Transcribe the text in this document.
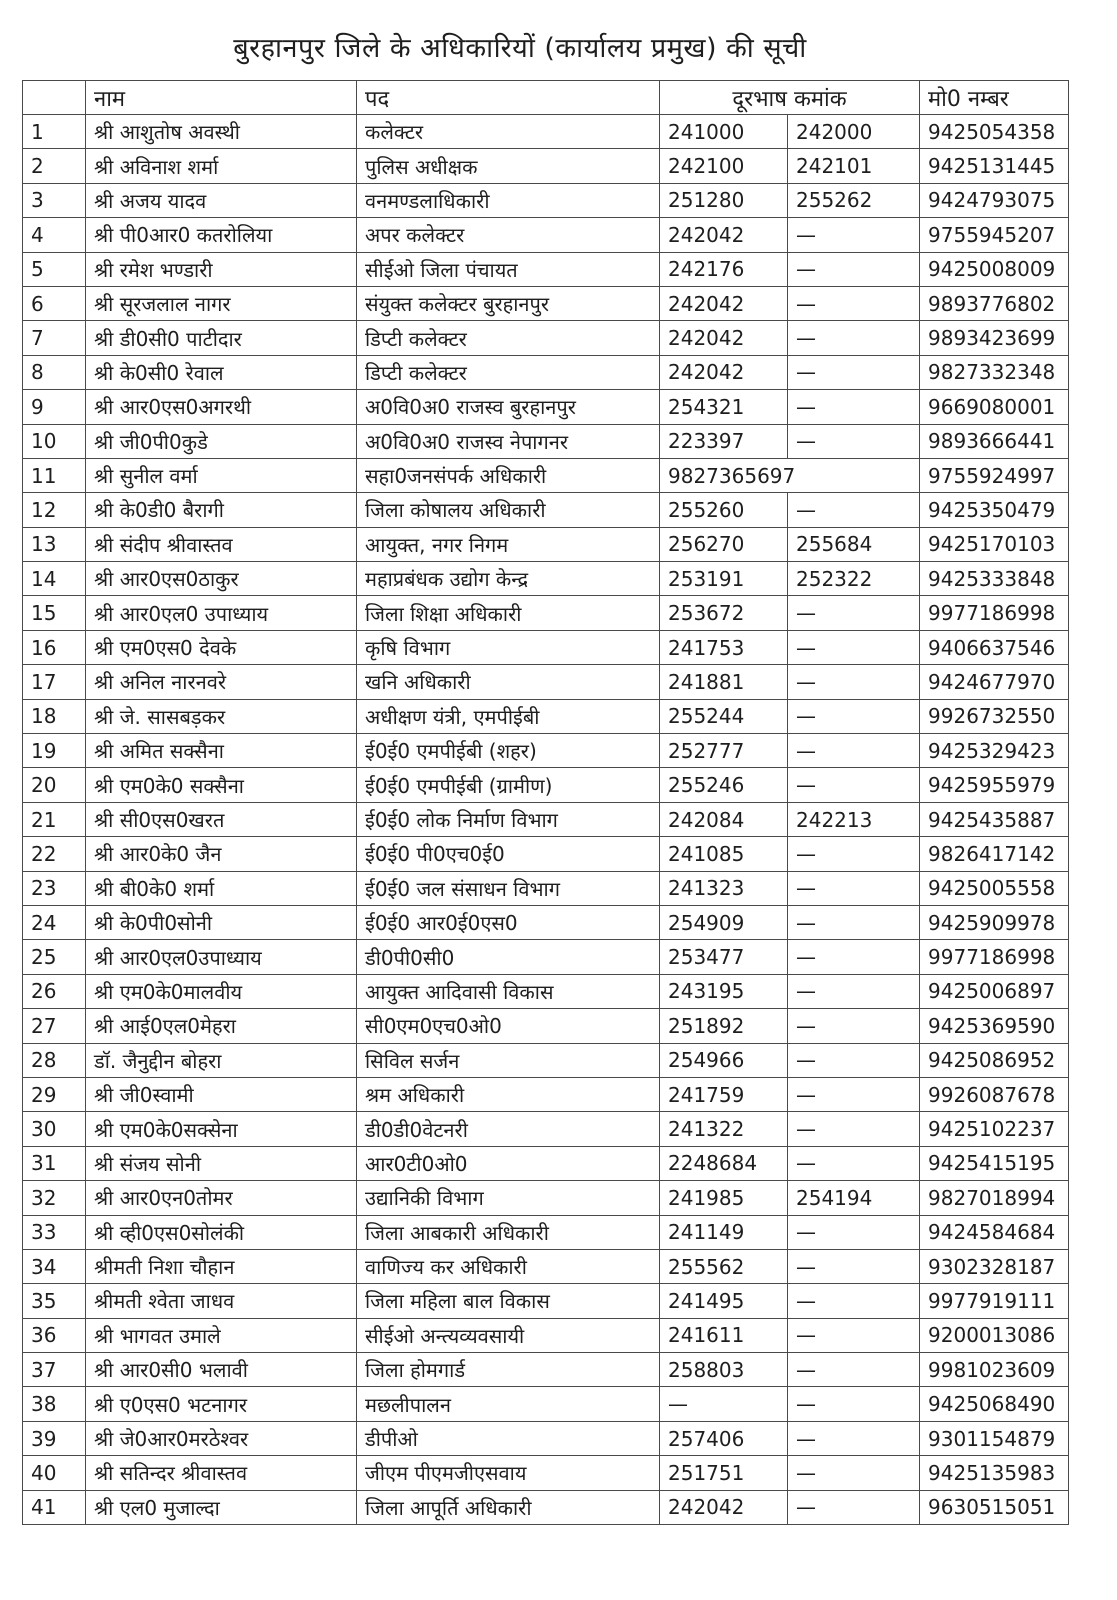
बुरहानपुर जिले के अधिकारियों (कार्यालय प्रमुख) की सूची
	नाम	पद	दूरभाष कमांक		मो0 नम्बर
1	श्री आशुतोष अवस्थी	कलेक्टर	241000	242000	9425054358
2	श्री अविनाश शर्मा	पुलिस अधीक्षक	242100	242101	9425131445
3	श्री अजय यादव	वनमण्डलाधिकारी	251280	255262	9424793075
4	श्री पी0आर0 कतरोलिया	अपर कलेक्टर	242042	—	9755945207
5	श्री रमेश भण्डारी	सीईओ जिला पंचायत	242176	—	9425008009
6	श्री सूरजलाल नागर	संयुक्त कलेक्टर बुरहानपुर	242042	—	9893776802
7	श्री डी0सी0 पाटीदार	डिप्टी कलेक्टर	242042	—	9893423699
8	श्री के0सी0 रेवाल	डिप्टी कलेक्टर	242042	—	9827332348
9	श्री आर0एस0अगरथी	अ0वि0अ0 राजस्व बुरहानपुर	254321	—	9669080001
10	श्री जी0पी0कुडे	अ0वि0अ0 राजस्व नेपागनर	223397	—	9893666441
11	श्री सुनील वर्मा	सहा0जनसंपर्क अधिकारी	9827365697		9755924997
12	श्री के0डी0 बैरागी	जिला कोषालय अधिकारी	255260	—	9425350479
13	श्री संदीप श्रीवास्तव	आयुक्त, नगर निगम	256270	255684	9425170103
14	श्री आर0एस0ठाकुर	महाप्रबंधक उद्योग केन्द्र	253191	252322	9425333848
15	श्री आर0एल0 उपाध्याय	जिला शिक्षा अधिकारी	253672	—	9977186998
16	श्री एम0एस0 देवके	कृषि विभाग	241753	—	9406637546
17	श्री अनिल नारनवरे	खनि अधिकारी	241881	—	9424677970
18	श्री जे. सासबड़कर	अधीक्षण यंत्री, एमपीईबी	255244	—	9926732550
19	श्री अमित सक्सैना	ई0ई0 एमपीईबी (शहर)	252777	—	9425329423
20	श्री एम0के0 सक्सैना	ई0ई0 एमपीईबी (ग्रामीण)	255246	—	9425955979
21	श्री सी0एस0खरत	ई0ई0 लोक निर्माण विभाग	242084	242213	9425435887
22	श्री आर0के0 जैन	ई0ई0 पी0एच0ई0	241085	—	9826417142
23	श्री बी0के0 शर्मा	ई0ई0 जल संसाधन विभाग	241323	—	9425005558
24	श्री के0पी0सोनी	ई0ई0 आर0ई0एस0	254909	—	9425909978
25	श्री आर0एल0उपाध्याय	डी0पी0सी0	253477	—	9977186998
26	श्री एम0के0मालवीय	आयुक्त आदिवासी विकास	243195	—	9425006897
27	श्री आई0एल0मेहरा	सी0एम0एच0ओ0	251892	—	9425369590
28	डॉ. जैनुद्दीन बोहरा	सिविल सर्जन	254966	—	9425086952
29	श्री जी0स्वामी	श्रम अधिकारी	241759	—	9926087678
30	श्री एम0के0सक्सेना	डी0डी0वेटनरी	241322	—	9425102237
31	श्री संजय सोनी	आर0टी0ओ0	2248684	—	9425415195
32	श्री आर0एन0तोमर	उद्यानिकी विभाग	241985	254194	9827018994
33	श्री व्ही0एस0सोलंकी	जिला आबकारी अधिकारी	241149	—	9424584684
34	श्रीमती निशा चौहान	वाणिज्य कर अधिकारी	255562	—	9302328187
35	श्रीमती श्वेता जाधव	जिला महिला बाल विकास	241495	—	9977919111
36	श्री भागवत उमाले	सीईओ अन्त्यव्यवसायी	241611	—	9200013086
37	श्री आर0सी0 भलावी	जिला होमगार्ड	258803	—	9981023609
38	श्री ए0एस0 भटनागर	मछलीपालन	—	—	9425068490
39	श्री जे0आर0मरठेश्वर	डीपीओ	257406	—	9301154879
40	श्री सतिन्दर श्रीवास्तव	जीएम पीएमजीएसवाय	251751	—	9425135983
41	श्री एल0 मुजाल्दा	जिला आपूर्ति अधिकारी	242042	—	9630515051
